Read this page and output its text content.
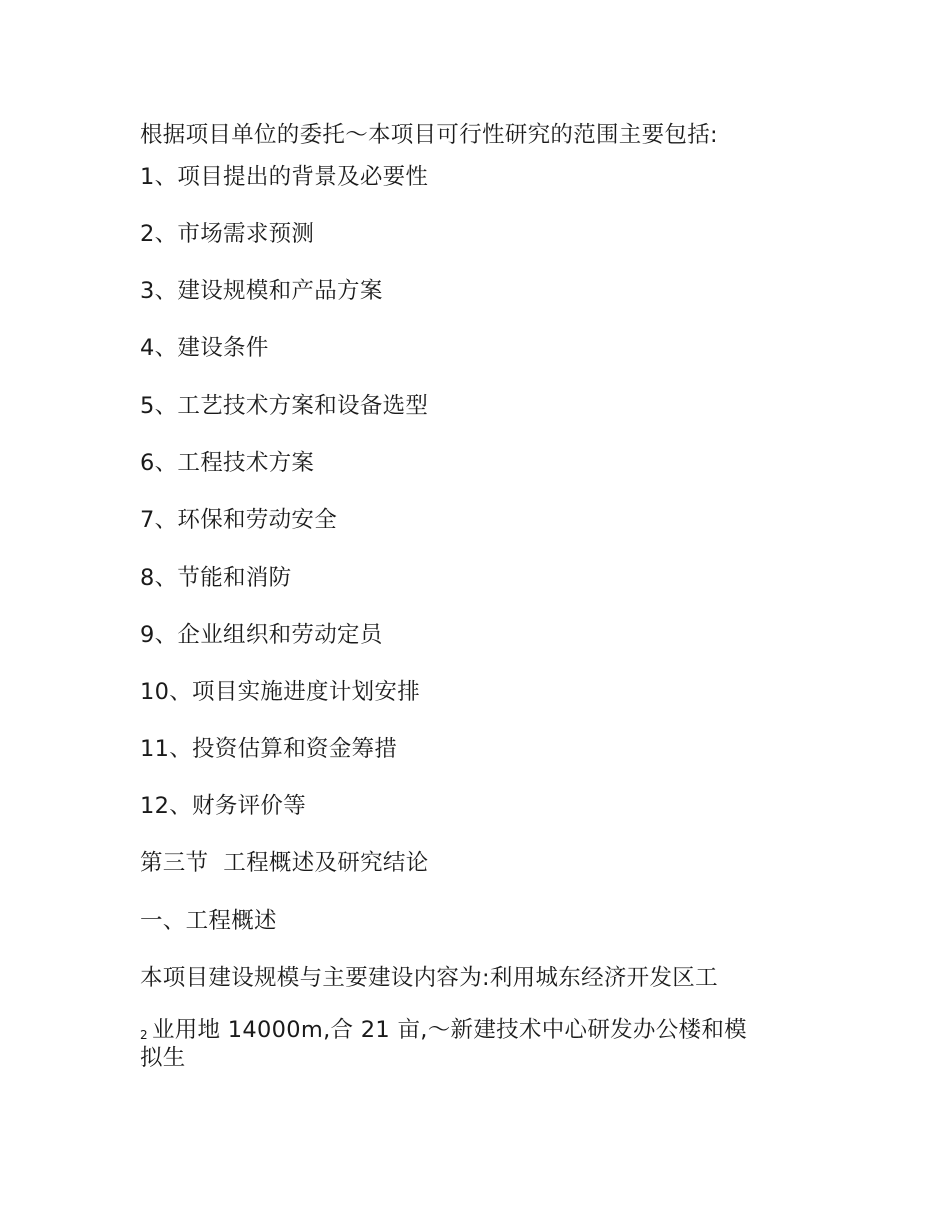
根据项目单位的委托～本项目可行性研究的范围主要包括:
1、项目提出的背景及必要性
2、市场需求预测
3、建设规模和产品方案
4、建设条件
5、工艺技术方案和设备选型
6、工程技术方案
7、环保和劳动安全
8、节能和消防
9、企业组织和劳动定员
10、项目实施进度计划安排
11、投资估算和资金筹措
12、财务评价等
第三节  工程概述及研究结论
一、工程概述
本项目建设规模与主要建设内容为:利用城东经济开发区工
2 业用地 14000m,合 21 亩,～新建技术中心研发办公楼和模
拟生
